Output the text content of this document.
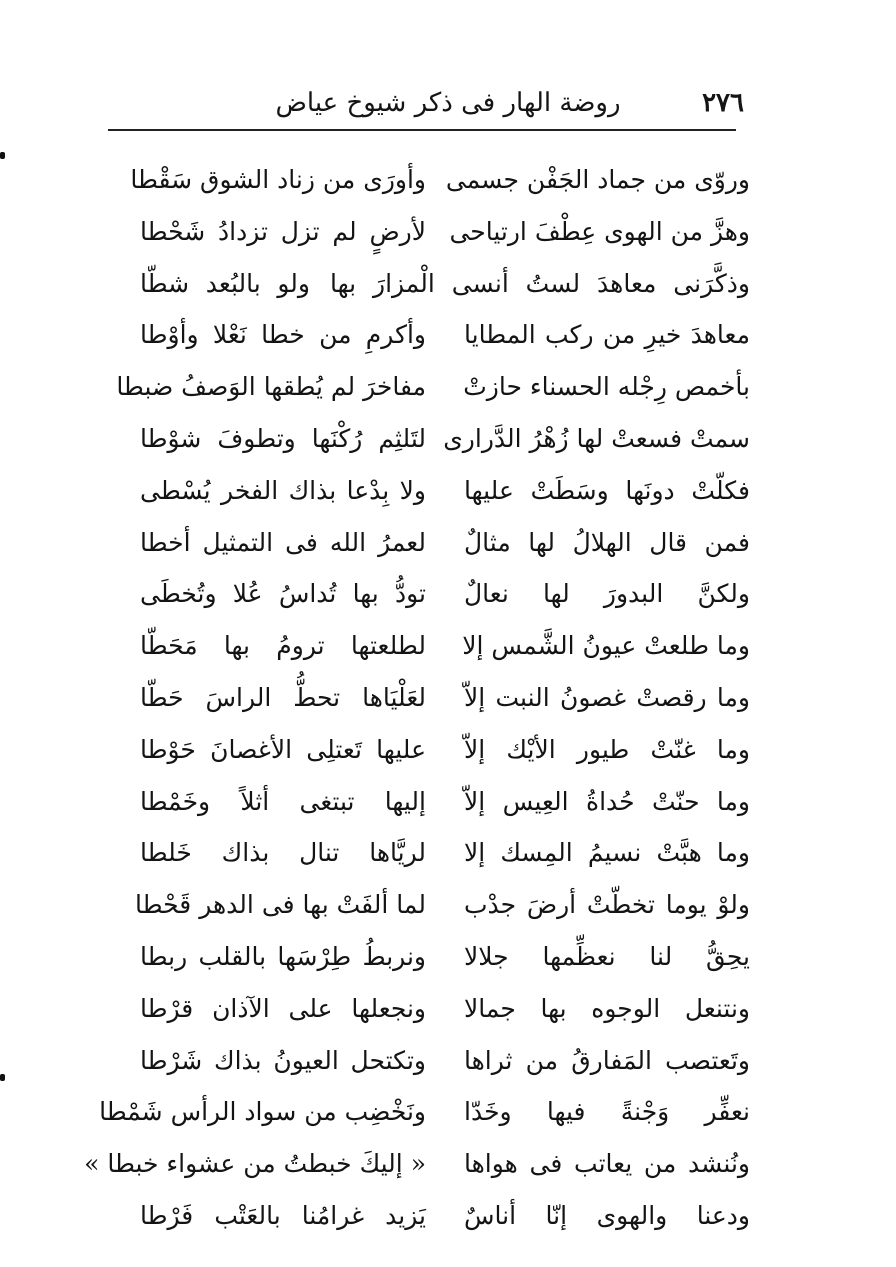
٢٧٦
روضة الهار فى ذكر شيوخ عياض
وروّى من جماد الجَفْن جسمى
وأورَى من زناد الشوق سَقْطا
وهزَّ من الهوى عِطْفَ ارتياحى
لأرضٍ لم تزل تزدادُ شَحْطا
وذكَّرَنى معاهدَ لستُ أنسى الْمزارَ بها
ولو بالبُعد شطّا
معاهدَ خيرِ من ركب المطايا
وأكرمِ من خطا نَعْلا وأوْطا
بأخمص رِجْله الحسناء حازتْ
مفاخرَ لم يُطقها الوَصفُ ضبطا
سمتْ فسعتْ لها زُهْرُ الدَّرارى
لتَلثِم رُكْنَها وتطوفَ شوْطا
فكلّتْ دونَها وسَطَتْ عليها
ولا بِدْعا بذاك الفخر يُسْطى
فمن قال الهلالُ لها مثالٌ
لعمرُ الله فى التمثيل أخطا
ولكنَّ البدورَ لها نعالٌ
تودُّ بها تُداسُ عُلا وتُخطَى
وما طلعتْ عيونُ الشَّمس إلا
لطلعتها ترومُ بها مَحَطّا
وما رقصتْ غصونُ النبت إلاّ
لعَلْيَاها تحطُّ الراسَ حَطّا
وما غنّتْ طيور الأيْك إلاّ
عليها تَعتلِى الأغصانَ حَوْطا
وما حنّتْ حُداةُ العِيس إلاّ
إليها تبتغى أثلاً وخَمْطا
وما هبَّتْ نسيمُ المِسك إلا
لريَّاها تنال بذاك خَلطا
ولوْ يوما تخطّتْ أرضَ جدْب
لما ألفَتْ بها فى الدهر قَحْطا
يحِقُّ لنا نعظِّمها جلالا
ونربطُ طِرْسَها بالقلب ربطا
ونتنعل الوجوه بها جمالا
ونجعلها على الآذان قرْطا
وتَعتصب المَفارقُ من ثراها
وتكتحل العيونُ بذاك شَرْطا
نعفِّر وَجْنةً فيها وخَدّا
ونَخْضِب من سواد الرأس شَمْطا
ونُنشد من يعاتب فى هواها
« إليكَ خبطتُ من عشواء خبطا »
ودعنا والهوى إنّا أناسٌ
يَزيد غرامُنا بالعَتْب فَرْطا
